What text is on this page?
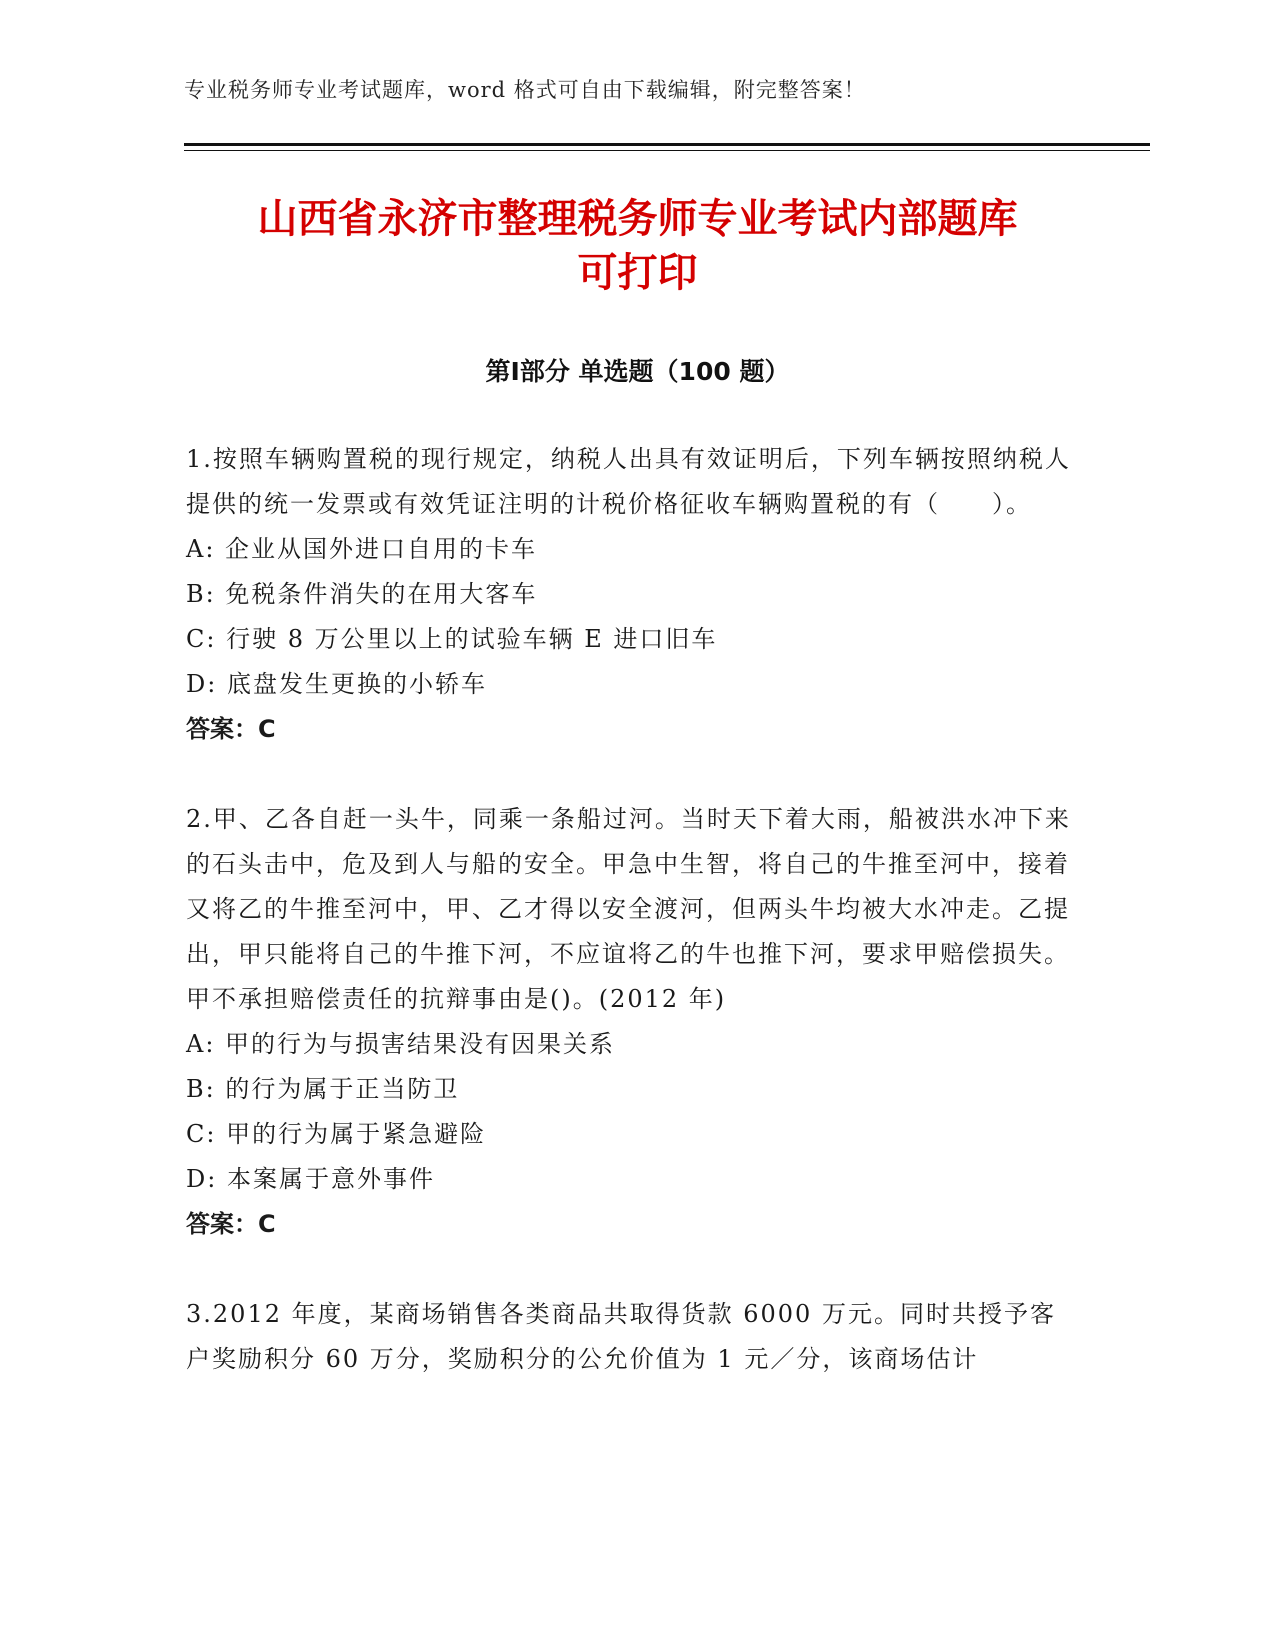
专业税务师专业考试题库，word 格式可自由下载编辑，附完整答案！
山西省永济市整理税务师专业考试内部题库
可打印
第Ⅰ部分 单选题（100 题）
1.按照车辆购置税的现行规定，纳税人出具有效证明后，下列车辆按照纳税人提供的统一发票或有效凭证注明的计税价格征收车辆购置税的有（　　）。
A: 企业从国外进口自用的卡车
B: 免税条件消失的在用大客车
C: 行驶 8 万公里以上的试验车辆 E 进口旧车
D: 底盘发生更换的小轿车
答案：C
2.甲、乙各自赶一头牛，同乘一条船过河。当时天下着大雨，船被洪水冲下来的石头击中，危及到人与船的安全。甲急中生智，将自己的牛推至河中，接着又将乙的牛推至河中，甲、乙才得以安全渡河，但两头牛均被大水冲走。乙提出，甲只能将自己的牛推下河，不应谊将乙的牛也推下河，要求甲赔偿损失。甲不承担赔偿责任的抗辩事由是()。(2012 年)
A: 甲的行为与损害结果没有因果关系
B: 的行为属于正当防卫
C: 甲的行为属于紧急避险
D: 本案属于意外事件
答案：C
3.2012 年度，某商场销售各类商品共取得货款 6000 万元。同时共授予客户奖励积分 60 万分，奖励积分的公允价值为 1 元／分，该商场估计
